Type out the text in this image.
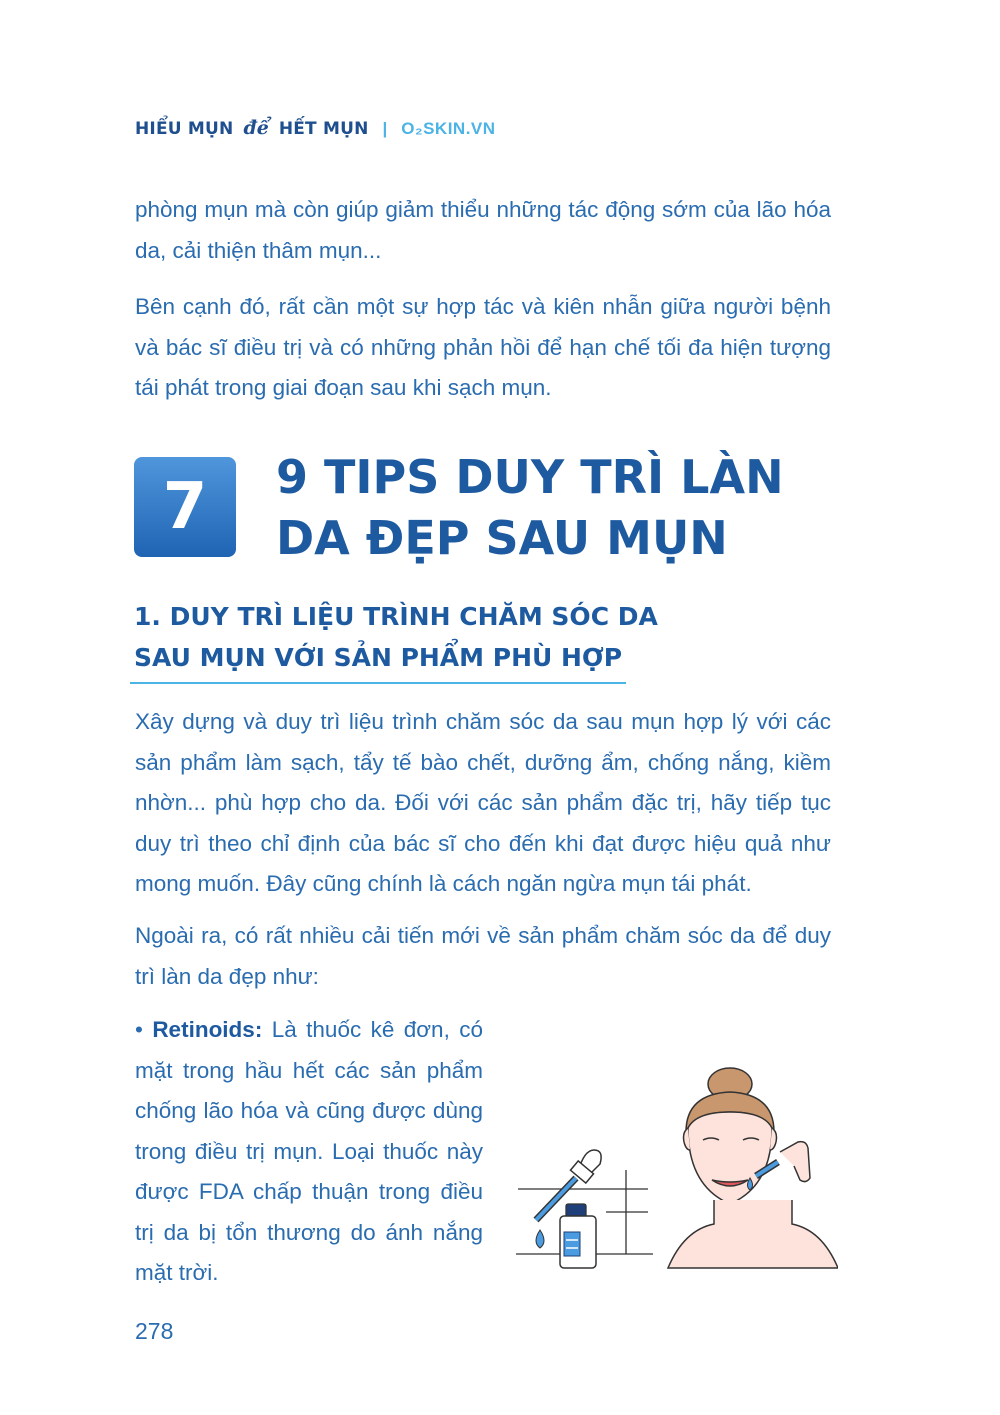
HIỂU MỤN để HẾT MỤN | O₂SKIN.VN

phòng mụn mà còn giúp giảm thiểu những tác động sớm của lão hóa da, cải thiện thâm mụn...

Bên cạnh đó, rất cần một sự hợp tác và kiên nhẫn giữa người bệnh và bác sĩ điều trị và có những phản hồi để hạn chế tối đa hiện tượng tái phát trong giai đoạn sau khi sạch mụn.

7 9 TIPS DUY TRÌ LÀN
DA ĐẸP SAU MỤN
1. DUY TRÌ LIỆU TRÌNH CHĂM SÓC DA
SAU MỤN VỚI SẢN PHẨM PHÙ HỢP

Xây dựng và duy trì liệu trình chăm sóc da sau mụn hợp lý với các sản phẩm làm sạch, tẩy tế bào chết, dưỡng ẩm, chống nắng, kiềm nhờn... phù hợp cho da. Đối với các sản phẩm đặc trị, hãy tiếp tục duy trì theo chỉ định của bác sĩ cho đến khi đạt được hiệu quả như mong muốn. Đây cũng chính là cách ngăn ngừa mụn tái phát.

Ngoài ra, có rất nhiều cải tiến mới về sản phẩm chăm sóc da để duy trì làn da đẹp như:

• Retinoids: Là thuốc kê đơn, có mặt trong hầu hết các sản phẩm chống lão hóa và cũng được dùng trong điều trị mụn. Loại thuốc này được FDA chấp thuận trong điều trị da bị tổn thương do ánh nắng mặt trời.

278
